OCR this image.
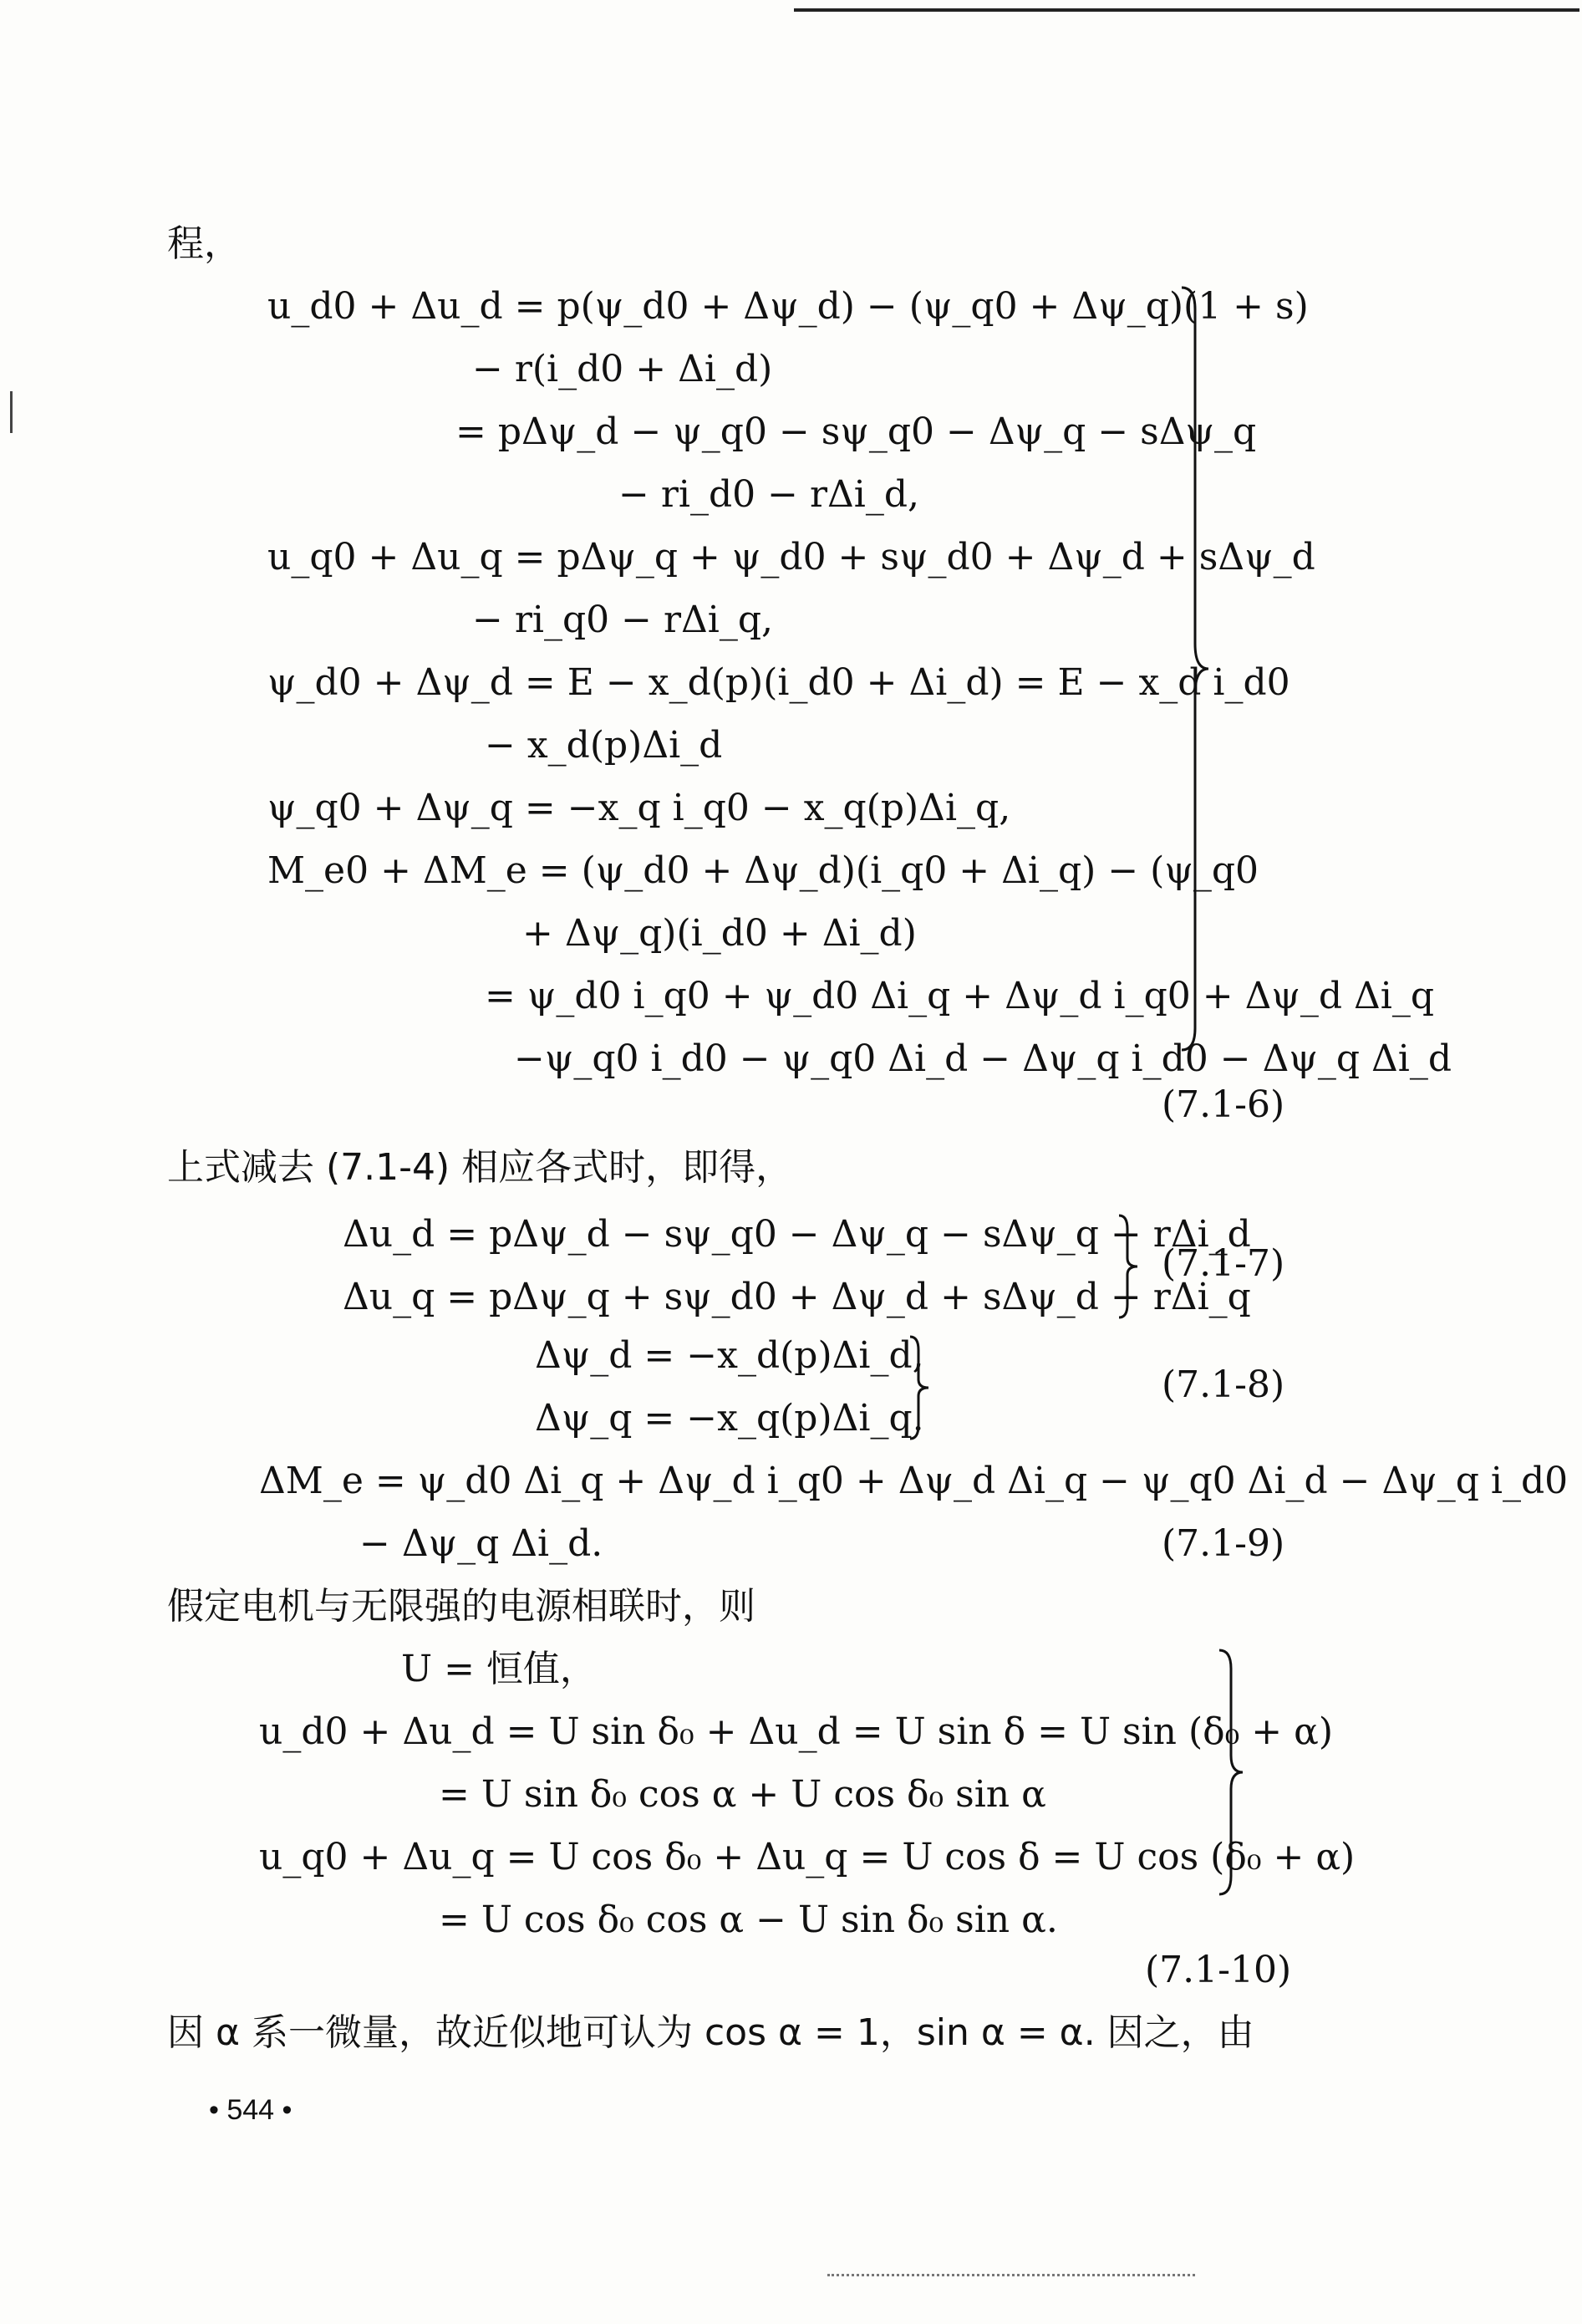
程，
u_d0 + Δu_d = p(ψ_d0 + Δψ_d) − (ψ_q0 + Δψ_q)(1 + s)
− r(i_d0 + Δi_d)
= pΔψ_d − ψ_q0 − sψ_q0 − Δψ_q − sΔψ_q
− ri_d0 − rΔi_d,
u_q0 + Δu_q = pΔψ_q + ψ_d0 + sψ_d0 + Δψ_d + sΔψ_d
− ri_q0 − rΔi_q,
ψ_d0 + Δψ_d = E − x_d(p)(i_d0 + Δi_d) = E − x_d i_d0
− x_d(p)Δi_d
ψ_q0 + Δψ_q = −x_q i_q0 − x_q(p)Δi_q,
M_e0 + ΔM_e = (ψ_d0 + Δψ_d)(i_q0 + Δi_q) − (ψ_q0
+ Δψ_q)(i_d0 + Δi_d)
= ψ_d0 i_q0 + ψ_d0 Δi_q + Δψ_d i_q0 + Δψ_d Δi_q
−ψ_q0 i_d0 − ψ_q0 Δi_d − Δψ_q i_d0 − Δψ_q Δi_d
(7.1-6)
上式减去 (7.1-4) 相应各式时，即得，
Δu_d = pΔψ_d − sψ_q0 − Δψ_q − sΔψ_q − rΔi_d
Δu_q = pΔψ_q + sψ_d0 + Δψ_d + sΔψ_d − rΔi_q
(7.1-7)
Δψ_d = −x_d(p)Δi_d,
Δψ_q = −x_q(p)Δi_q.
(7.1-8)
ΔM_e = ψ_d0 Δi_q + Δψ_d i_q0 + Δψ_d Δi_q − ψ_q0 Δi_d − Δψ_q i_d0
− Δψ_q Δi_d.	(7.1-9)
假定电机与无限强的电源相联时，则
U = 恒值，
u_d0 + Δu_d = U sin δ₀ + Δu_d = U sin δ = U sin (δ₀ + α)
= U sin δ₀ cos α + U cos δ₀ sin α
u_q0 + Δu_q = U cos δ₀ + Δu_q = U cos δ = U cos (δ₀ + α)
= U cos δ₀ cos α − U sin δ₀ sin α.
(7.1-10)
因 α 系一微量，故近似地可认为 cos α = 1，sin α = α. 因之，由
• 544 •
